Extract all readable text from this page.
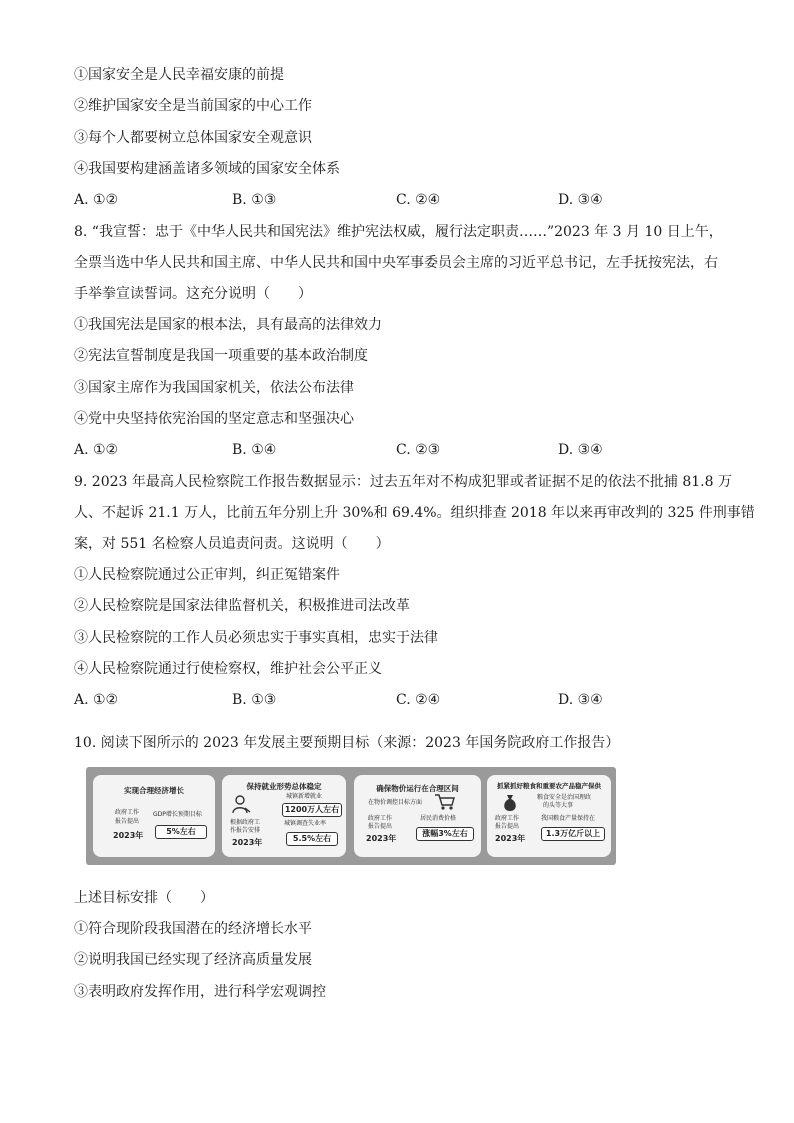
①国家安全是人民幸福安康的前提
②维护国家安全是当前国家的中心工作
③每个人都要树立总体国家安全观意识
④我国要构建涵盖诸多领域的国家安全体系
A. ①②	B. ①③	C. ②④	D. ③④
8. “我宣誓：忠于《中华人民共和国宪法》维护宪法权威，履行法定职责……”2023 年 3 月 10 日上午，
全票当选中华人民共和国主席、中华人民共和国中央军事委员会主席的习近平总书记，左手抚按宪法，右
手举拳宣读誓词。这充分说明（　　）
①我国宪法是国家的根本法，具有最高的法律效力
②宪法宣誓制度是我国一项重要的基本政治制度
③国家主席作为我国国家机关，依法公布法律
④党中央坚持依宪治国的坚定意志和坚强决心
A. ①②	B. ①④	C. ②③	D. ③④
9. 2023 年最高人民检察院工作报告数据显示：过去五年对不构成犯罪或者证据不足的依法不批捕 81.8 万
人、不起诉 21.1 万人，比前五年分别上升 30%和 69.4%。组织排查 2018 年以来再审改判的 325 件刑事错
案，对 551 名检察人员追责问责。这说明（　　）
①人民检察院通过公正审判，纠正冤错案件
②人民检察院是国家法律监督机关，积极推进司法改革
③人民检察院的工作人员必须忠实于事实真相，忠实于法律
④人民检察院通过行使检察权，维护社会公平正义
A. ①②	B. ①③	C. ②④	D. ③④
10. 阅读下图所示的 2023 年发展主要预期目标（来源：2023 年国务院政府工作报告）
实现合理经济增长
政府工作
报告提出
2023年
GDP增长预期目标
5%左右
保持就业形势总体稳定
城镇新增就业
1200万人左右
根据政府工
作报告安排
2023年
城镇调查失业率
5.5%左右
确保物价运行在合理区间
在物价调控目标方面
政府工作
报告提出
2023年
居民消费价格
涨幅3%左右
抓紧抓好粮食和重要农产品稳产保供
粮食安全是治国理政
的头等大事
政府工作
报告提出
2023年
我国粮食产量保持在
1.3万亿斤以上
上述目标安排（　　）
①符合现阶段我国潜在的经济增长水平
②说明我国已经实现了经济高质量发展
③表明政府发挥作用，进行科学宏观调控
